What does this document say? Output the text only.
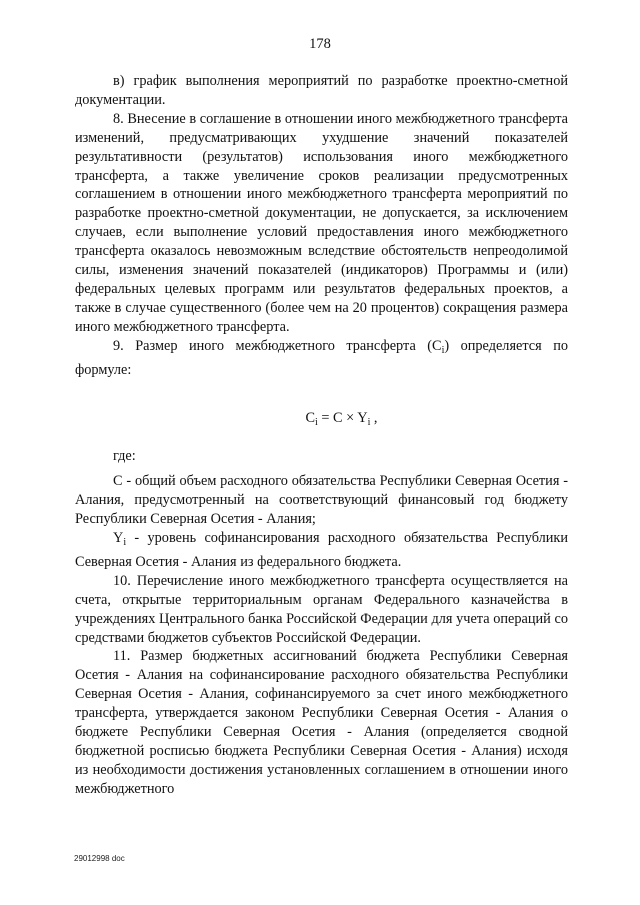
178

в) график выполнения мероприятий по разработке проектно-сметной документации.

8. Внесение в соглашение в отношении иного межбюджетного трансферта изменений, предусматривающих ухудшение значений показателей результативности (результатов) использования иного межбюджетного трансферта, а также увеличение сроков реализации предусмотренных соглашением в отношении иного межбюджетного трансферта мероприятий по разработке проектно-сметной документации, не допускается, за исключением случаев, если выполнение условий предоставления иного межбюджетного трансферта оказалось невозможным вследствие обстоятельств непреодолимой силы, изменения значений показателей (индикаторов) Программы и (или) федеральных целевых программ или результатов федеральных проектов, а также в случае существенного (более чем на 20 процентов) сокращения размера иного межбюджетного трансферта.

9. Размер иного межбюджетного трансферта $(C_i)$ определяется по формуле:

$C_i = C \times Y_i$ ,

где:

C - общий объем расходного обязательства Республики Северная Осетия - Алания, предусмотренный на соответствующий финансовый год бюджету Республики Северная Осетия - Алания;

$Y_i$ - уровень софинансирования расходного обязательства Республики Северная Осетия - Алания из федерального бюджета.

10. Перечисление иного межбюджетного трансферта осуществляется на счета, открытые территориальным органам Федерального казначейства в учреждениях Центрального банка Российской Федерации для учета операций со средствами бюджетов субъектов Российской Федерации.

11. Размер бюджетных ассигнований бюджета Республики Северная Осетия - Алания на софинансирование расходного обязательства Республики Северная Осетия - Алания, софинансируемого за счет иного межбюджетного трансферта, утверждается законом Республики Северная Осетия - Алания о бюджете Республики Северная Осетия - Алания (определяется сводной бюджетной росписью бюджета Республики Северная Осетия - Алания) исходя из необходимости достижения установленных соглашением в отношении иного межбюджетного

29012998 doc
